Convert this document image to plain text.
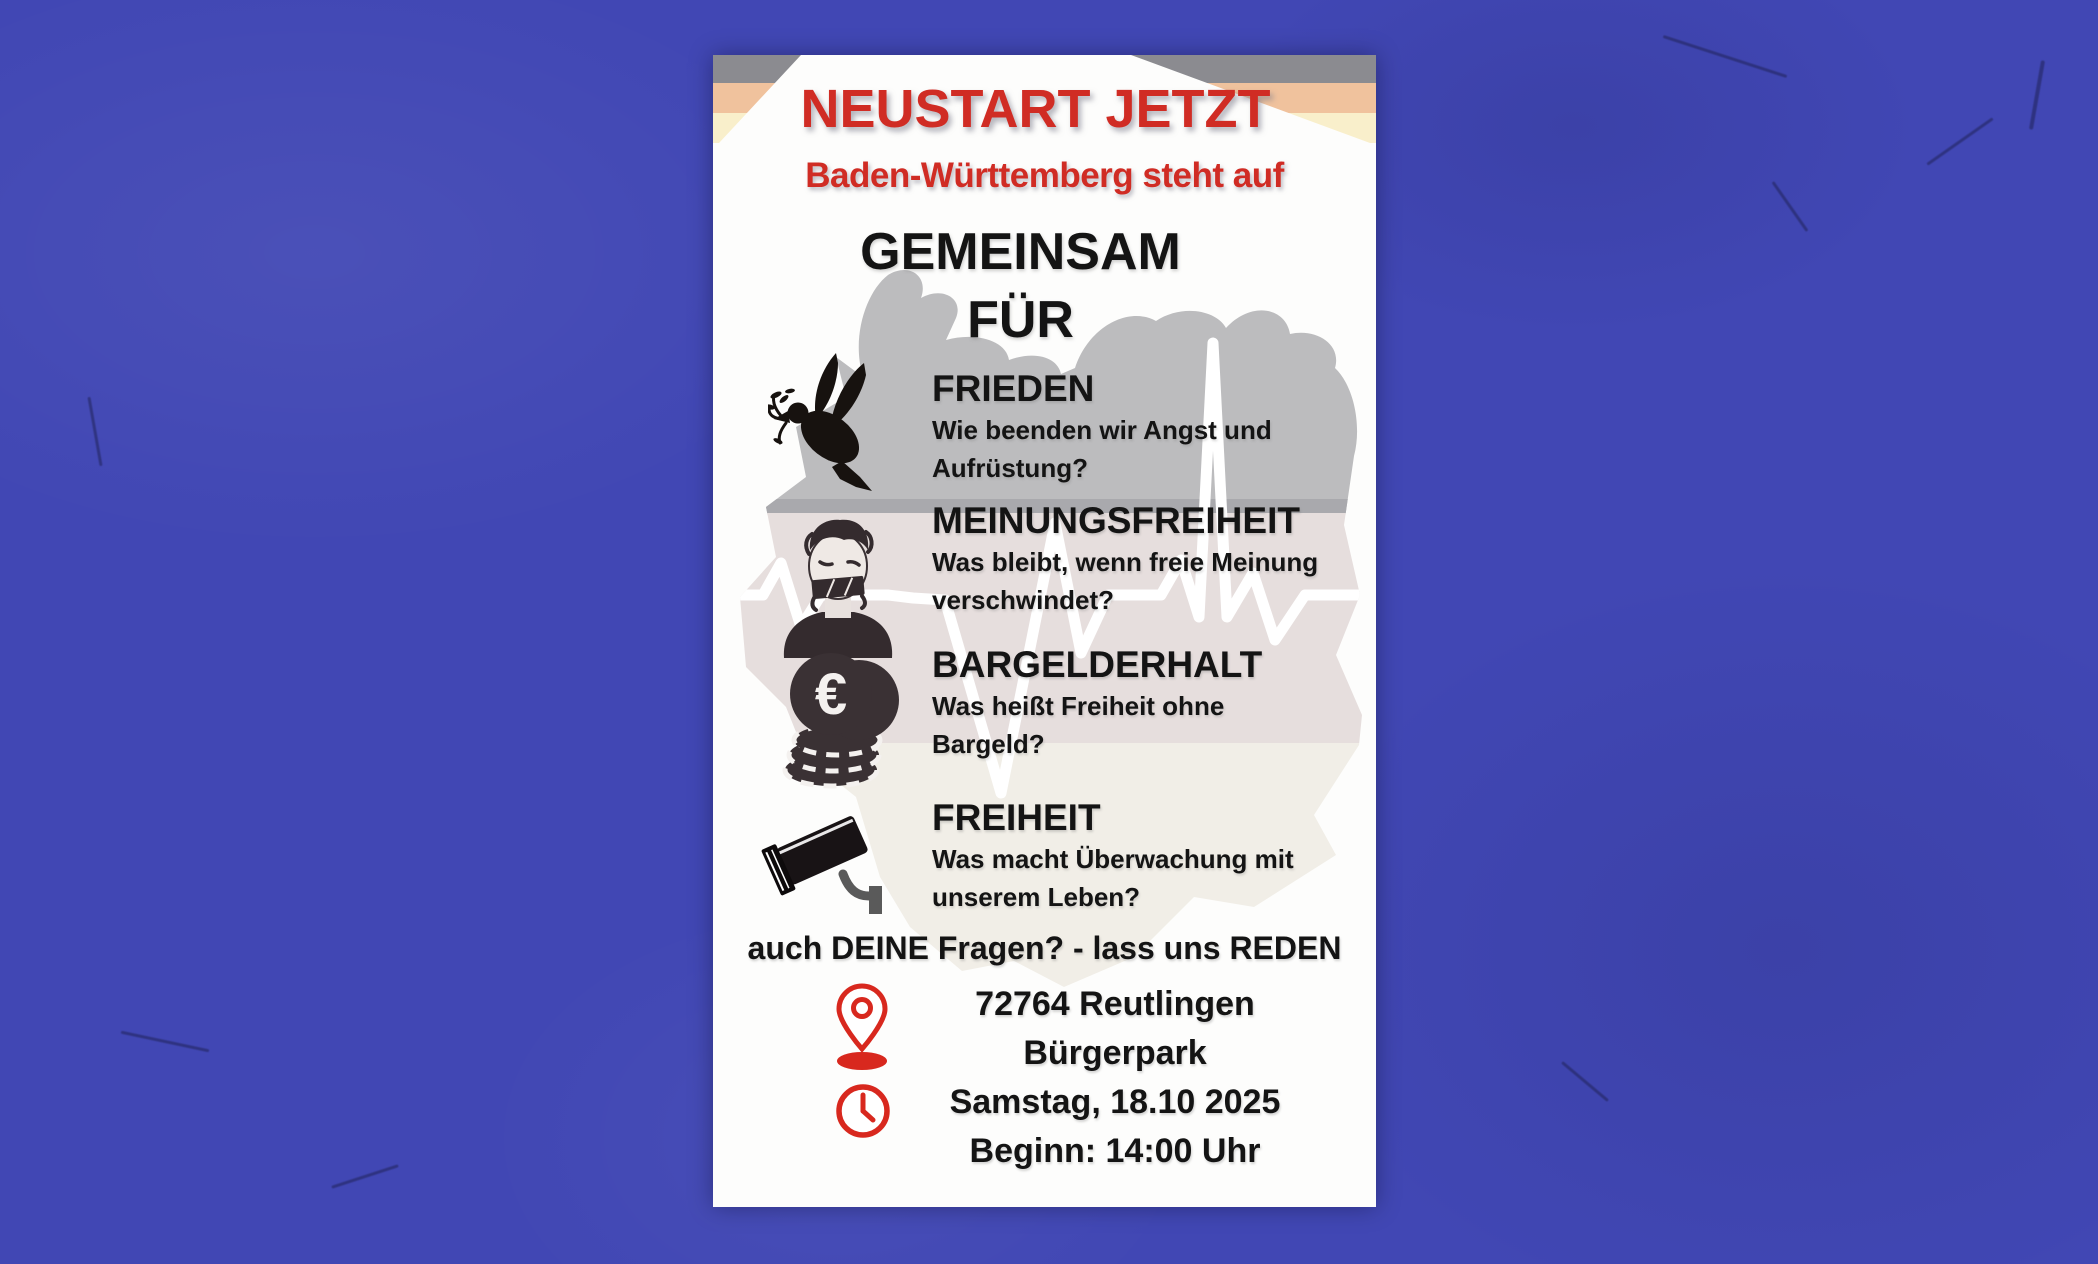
NEUSTART JETZT
Baden-Württemberg steht auf
GEMEINSAM
FÜR
FRIEDEN
Wie beenden wir Angst und
Aufrüstung?
MEINUNGSFREIHEIT
Was bleibt, wenn freie Meinung
verschwindet?
€ BARGELDERHALT
Was heißt Freiheit ohne
Bargeld?
FREIHEIT
Was macht Überwachung mit
unserem Leben?
auch DEINE Fragen? - lass uns REDEN
72764 Reutlingen
Bürgerpark
Samstag, 18.10 2025
Beginn: 14:00 Uhr
